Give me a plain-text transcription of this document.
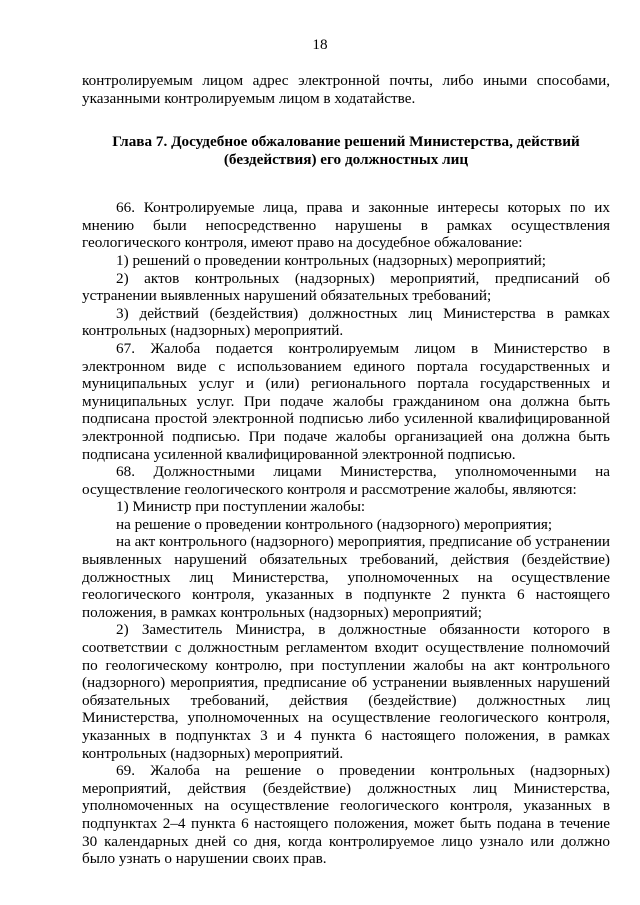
18

контролируемым лицом адрес электронной почты, либо иными способами, указанными контролируемым лицом в ходатайстве.

Глава 7. Досудебное обжалование решений Министерства, действий
(бездействия) его должностных лиц

66. Контролируемые лица, права и законные интересы которых по их мнению были непосредственно нарушены в рамках осуществления геологического контроля, имеют право на досудебное обжалование:

1) решений о проведении контрольных (надзорных) мероприятий;

2) актов контрольных (надзорных) мероприятий, предписаний об устранении выявленных нарушений обязательных требований;

3) действий (бездействия) должностных лиц Министерства в рамках контрольных (надзорных) мероприятий.

67. Жалоба подается контролируемым лицом в Министерство в электронном виде с использованием единого портала государственных и муниципальных услуг и (или) регионального портала государственных и муниципальных услуг. При подаче жалобы гражданином она должна быть подписана простой электронной подписью либо усиленной квалифицированной электронной подписью. При подаче жалобы организацией она должна быть подписана усиленной квалифицированной электронной подписью.

68. Должностными лицами Министерства, уполномоченными на осуществление геологического контроля и рассмотрение жалобы, являются:

1) Министр при поступлении жалобы:

на решение о проведении контрольного (надзорного) мероприятия;

на акт контрольного (надзорного) мероприятия, предписание об устранении выявленных нарушений обязательных требований, действия (бездействие) должностных лиц Министерства, уполномоченных на осуществление геологического контроля, указанных в подпункте 2 пункта 6 настоящего положения, в рамках контрольных (надзорных) мероприятий;

2) Заместитель Министра, в должностные обязанности которого в соответствии с должностным регламентом входит осуществление полномочий по геологическому контролю, при поступлении жалобы на акт контрольного (надзорного) мероприятия, предписание об устранении выявленных нарушений обязательных требований, действия (бездействие) должностных лиц Министерства, уполномоченных на осуществление геологического контроля, указанных в подпунктах 3 и 4 пункта 6 настоящего положения, в рамках контрольных (надзорных) мероприятий.

69. Жалоба на решение о проведении контрольных (надзорных) мероприятий, действия (бездействие) должностных лиц Министерства, уполномоченных на осуществление геологического контроля, указанных в подпунктах 2–4 пункта 6 настоящего положения, может быть подана в течение 30 календарных дней со дня, когда контролируемое лицо узнало или должно было узнать о нарушении своих прав.
